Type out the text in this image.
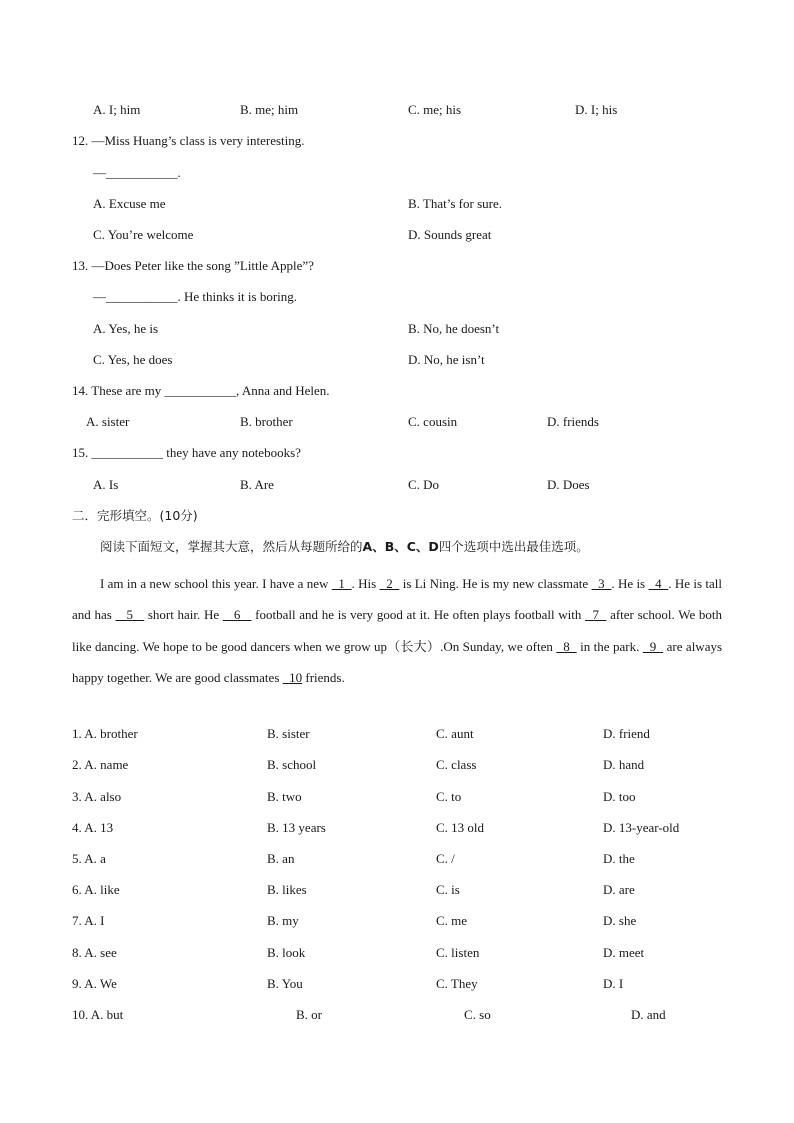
A. I; him	B. me; him	C. me; his	D. I; his
12. —Miss Huang’s class is very interesting.
—___________.
A. Excuse me	B. That’s for sure.
C. You’re welcome	D. Sounds great
13. —Does Peter like the song ”Little Apple”?
—___________. He thinks it is boring.
A. Yes, he is	B. No, he doesn’t
C. Yes, he does	D. No, he isn’t
14. These are my ___________, Anna and Helen.
A. sister	B. brother	C. cousin	D. friends
15. ___________ they have any notebooks?
A. Is	B. Are	C. Do	D. Does
二．完形填空。(10分)
阅读下面短文，掌握其大意，然后从每题所给的A、B、C、D四个选项中选出最佳选项。
I am in a new school this year. I have a new   1  . His   2   is Li Ning. He is my new classmate   3  . He is   4  . He is tall and has    5    short hair. He    6    football and he is very good at it. He often plays football with   7   after school. We both like dancing. We hope to be good dancers when we grow up（长大）.On Sunday, we often   8   in the park.   9   are always happy together. We are good classmates   10 friends.
1. A. brother	B. sister	C. aunt	D. friend
2. A. name	B. school	C. class	D. hand
3. A. also	B. two	C. to	D. too
4. A. 13	B. 13 years	C. 13 old	D. 13-year-old
5. A. a	B. an	C. /	D. the
6. A. like	B. likes	C. is	D. are
7. A. I	B. my	C. me	D. she
8. A. see	B. look	C. listen	D. meet
9. A. We	B. You	C. They	D. I
10. A. but	B. or	C. so	D. and
